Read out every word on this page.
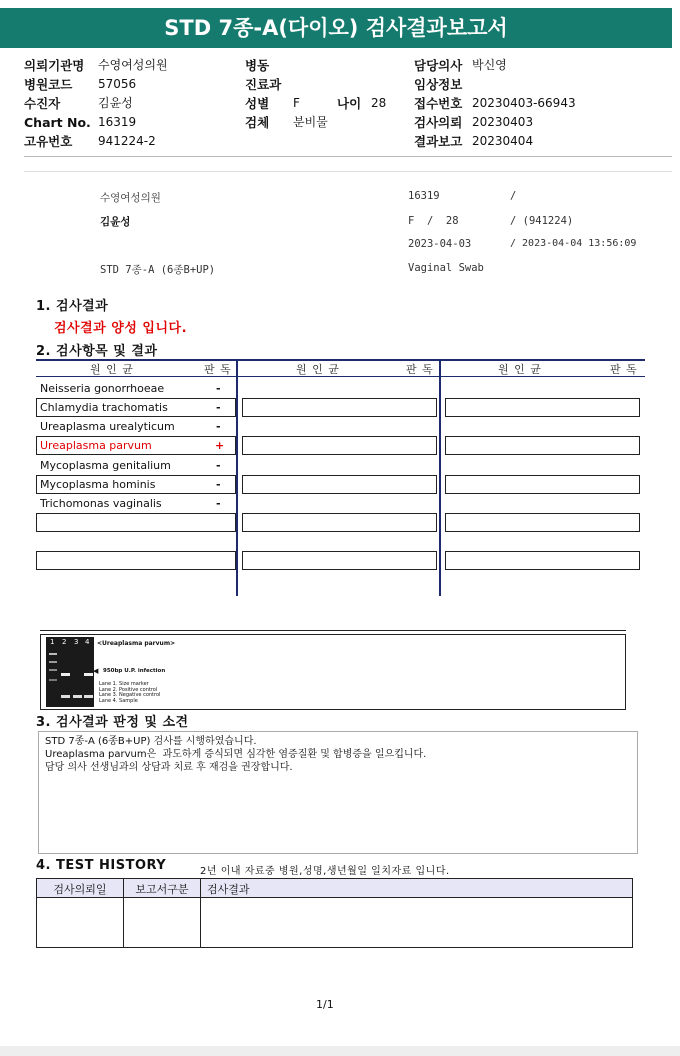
STD 7종-A(다이오) 검사결과보고서
의뢰기관명	수영여성의원
병원코드	57056
수진자	김윤성
Chart No. 16319
고유번호	941224-2
병동
진료과
성별	F	나이 28
검체	분비물
담당의사 박신영
임상정보
접수번호 20230403-66943
검사의뢰 20230403
결과보고 20230404
수영여성의원	16319	/
김윤성	F  /  28	/ (941224)
2023-04-03	/ 2023-04-04 13:56:09
STD 7종-A (6종B+UP)	Vaginal Swab
1. 검사결과
검사결과 양성 입니다.
2. 검사항목 및 결과
원 인 균	판 독	원 인 균	판 독	원 인 균	판 독
Neisseria gonorrhoeae	-
Chlamydia trachomatis	-
Ureaplasma urealyticum	-
Ureaplasma parvum	+
Mycoplasma genitalium	-
Mycoplasma hominis	-
Trichomonas vaginalis	-
1 2 3 4 <Ureaplasma parvum>
◀ 950bp U.P. infection
Lane 1. Size marker
Lane 2. Positive control
Lane 3. Negative control
Lane 4. Sample
3. 검사결과 판정 및 소견
STD 7종-A (6종B+UP) 검사를 시행하였습니다.
Ureaplasma parvum은  과도하게 증식되면 심각한 염증질환 및 합병증을 일으킵니다.
담당 의사 선생님과의 상담과 치료 후 재검을 권장합니다.
4. TEST HISTORY	2년 이내 자료중 병원,성명,생년월일 일치자료 입니다.
검사의뢰일	보고서구분	검사결과
1/1
